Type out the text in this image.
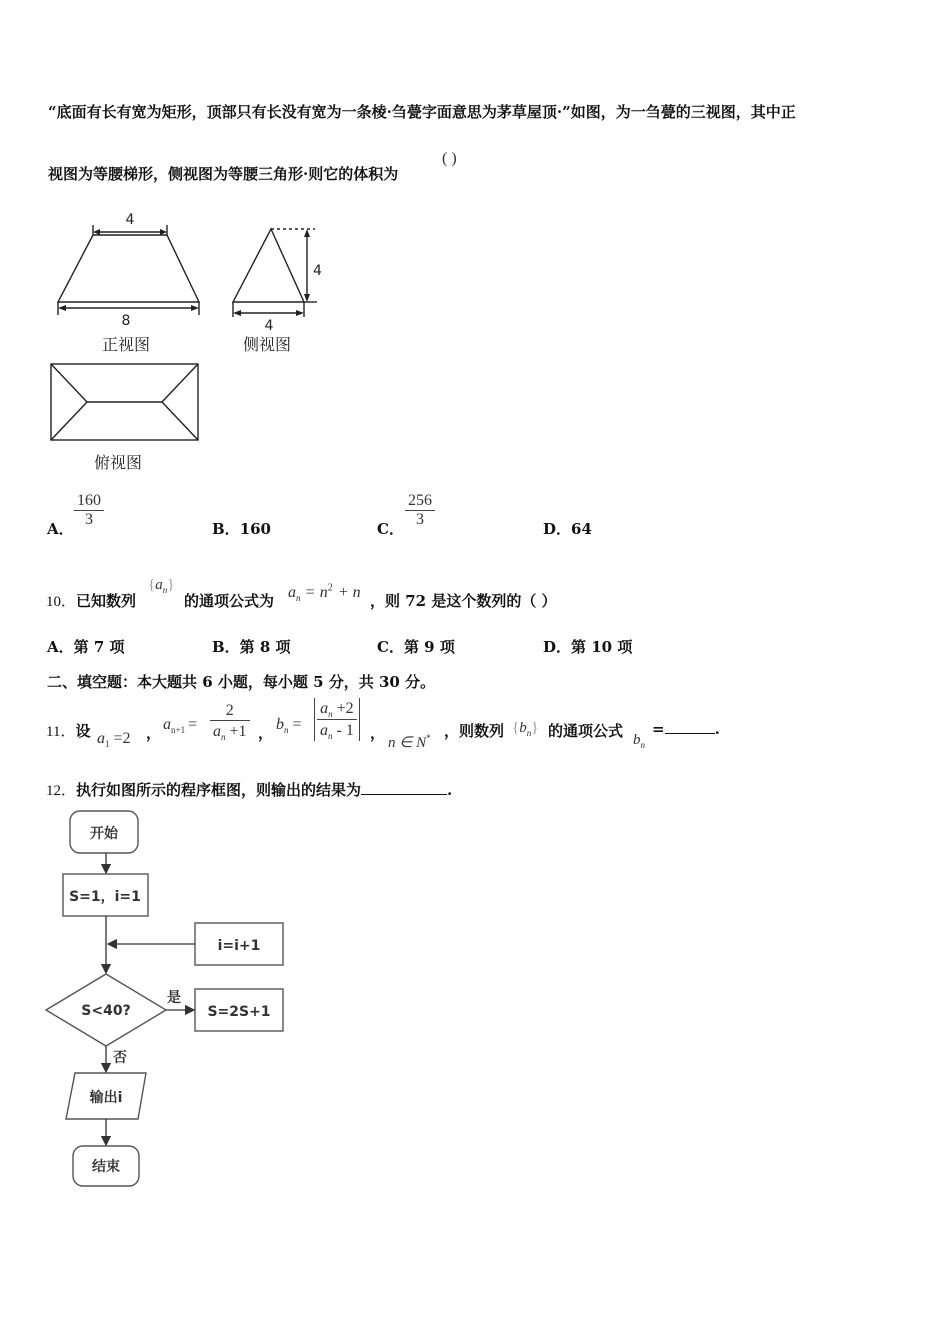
“底面有长有宽为矩形，顶部只有长没有宽为一条棱·刍甍字面意思为茅草屋顶·”如图，为一刍甍的三视图，其中正
视图为等腰梯形，侧视图为等腰三角形·则它的体积为
( )
4
8
正视图
4
4
侧视图
俯视图
A． $\frac{160}{3}$	B．160	C． $\frac{256}{3}$	D．64
10．已知数列
$\{a_n\}$
的通项公式为 $a_n = n^2 + n$ ，则 72 是这个数列的（ ）
A．第 7 项	B．第 8 项	C．第 9 项	D．第 10 项
二、填空题：本大题共 6 小题，每小题 5 分，共 30 分。
11．设 $a_1 =2$ ， $a_{n+1} = \frac{2}{a_n +1}$ ， $b_n = \frac{a_n +2}{a_n - 1}$ ，
n ∈ N* ，则数列 $\{b_n\}$ 的通项公式 $b_n$
=	.
12．执行如图所示的程序框图，则输出的结果为	.
开始
S=1，i=1
i=i+1
S<40?
是
S=2S+1
否
输出i
结束
